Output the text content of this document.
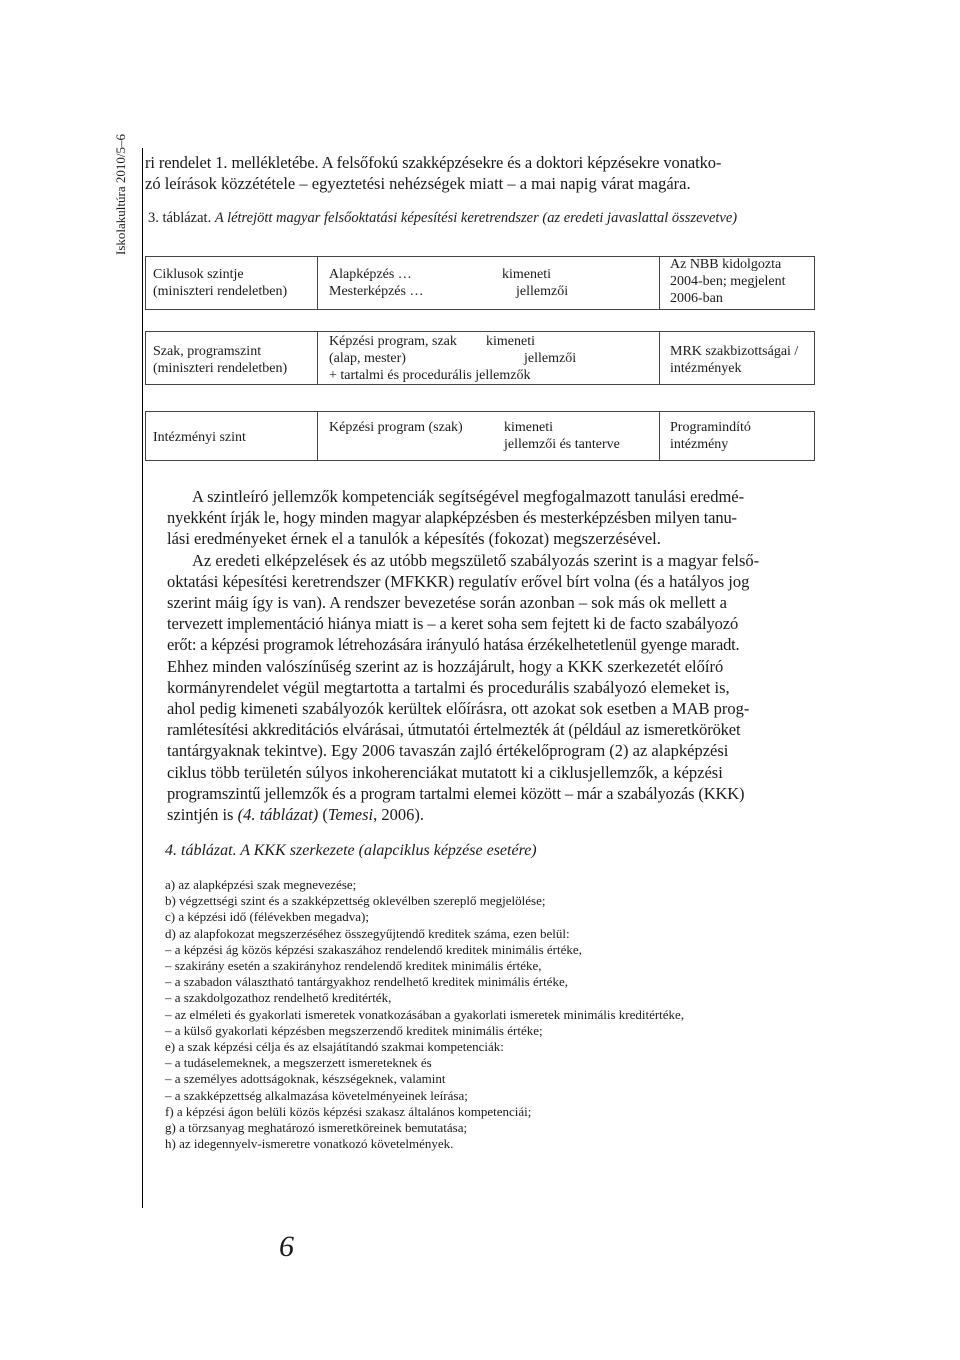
Iskolakultúra 2010/5–6 ri rendelet 1. mellékletébe. A felsőfokú szakképzésekre és a doktori képzésekre vonatko-
zó leírások közzététele – egyeztetési nehézségek miatt – a mai napig várat magára.
3. táblázat. A létrejött magyar felsőoktatási képesítési keretrendszer (az eredeti javaslattal összevetve)
Ciklusok szintje
(miniszteri rendeletben)
Alapképzés …
Mesterképzés …
kimeneti
jellemzői
Az NBB kidolgozta
2004-ben; megjelent
2006-ban
Szak, programszint
(miniszteri rendeletben)
Képzési program, szak
(alap, mester)
kimeneti
jellemzői
+ tartalmi és procedurális jellemzők
MRK szakbizottságai /
intézmények
Intézményi szint
Képzési program (szak)	kimeneti
jellemzői és tanterve
Programindító
intézmény
A szintleíró jellemzők kompetenciák segítségével megfogalmazott tanulási eredmé-
nyekként írják le, hogy minden magyar alapképzésben és mesterképzésben milyen tanu-
lási eredményeket érnek el a tanulók a képesítés (fokozat) megszerzésével.
Az eredeti elképzelések és az utóbb megszülető szabályozás szerint is a magyar felső-
oktatási képesítési keretrendszer (MFKKR) regulatív erővel bírt volna (és a hatályos jog
szerint máig így is van). A rendszer bevezetése során azonban – sok más ok mellett a
tervezett implementáció hiánya miatt is – a keret soha sem fejtett ki de facto szabályozó
erőt: a képzési programok létrehozására irányuló hatása érzékelhetetlenül gyenge maradt.
Ehhez minden valószínűség szerint az is hozzájárult, hogy a KKK szerkezetét előíró
kormányrendelet végül megtartotta a tartalmi és procedurális szabályozó elemeket is,
ahol pedig kimeneti szabályozók kerültek előírásra, ott azokat sok esetben a MAB prog-
ramlétesítési akkreditációs elvárásai, útmutatói értelmezték át (például az ismeretköröket
tantárgyaknak tekintve). Egy 2006 tavaszán zajló értékelőprogram (2) az alapképzési
ciklus több területén súlyos inkoherenciákat mutatott ki a ciklusjellemzők, a képzési
programszintű jellemzők és a program tartalmi elemei között – már a szabályozás (KKK)
szintjén is (4. táblázat) (Temesi, 2006).
4. táblázat. A KKK szerkezete (alapciklus képzése esetére)
a) az alapképzési szak megnevezése;
b) végzettségi szint és a szakképzettség oklevélben szereplő megjelölése;
c) a képzési idő (félévekben megadva);
d) az alapfokozat megszerzéséhez összegyűjtendő kreditek száma, ezen belül:
– a képzési ág közös képzési szakaszához rendelendő kreditek minimális értéke,
– szakirány esetén a szakirányhoz rendelendő kreditek minimális értéke,
– a szabadon választható tantárgyakhoz rendelhető kreditek minimális értéke,
– a szakdolgozathoz rendelhető kreditérték,
– az elméleti és gyakorlati ismeretek vonatkozásában a gyakorlati ismeretek minimális kreditértéke,
– a külső gyakorlati képzésben megszerzendő kreditek minimális értéke;
e) a szak képzési célja és az elsajátítandó szakmai kompetenciák:
– a tudáselemeknek, a megszerzett ismereteknek és
– a személyes adottságoknak, készségeknek, valamint
– a szakképzettség alkalmazása követelményeinek leírása;
f) a képzési ágon belüli közös képzési szakasz általános kompetenciái;
g) a törzsanyag meghatározó ismeretköreinek bemutatása;
h) az idegennyelv-ismeretre vonatkozó követelmények.
6
